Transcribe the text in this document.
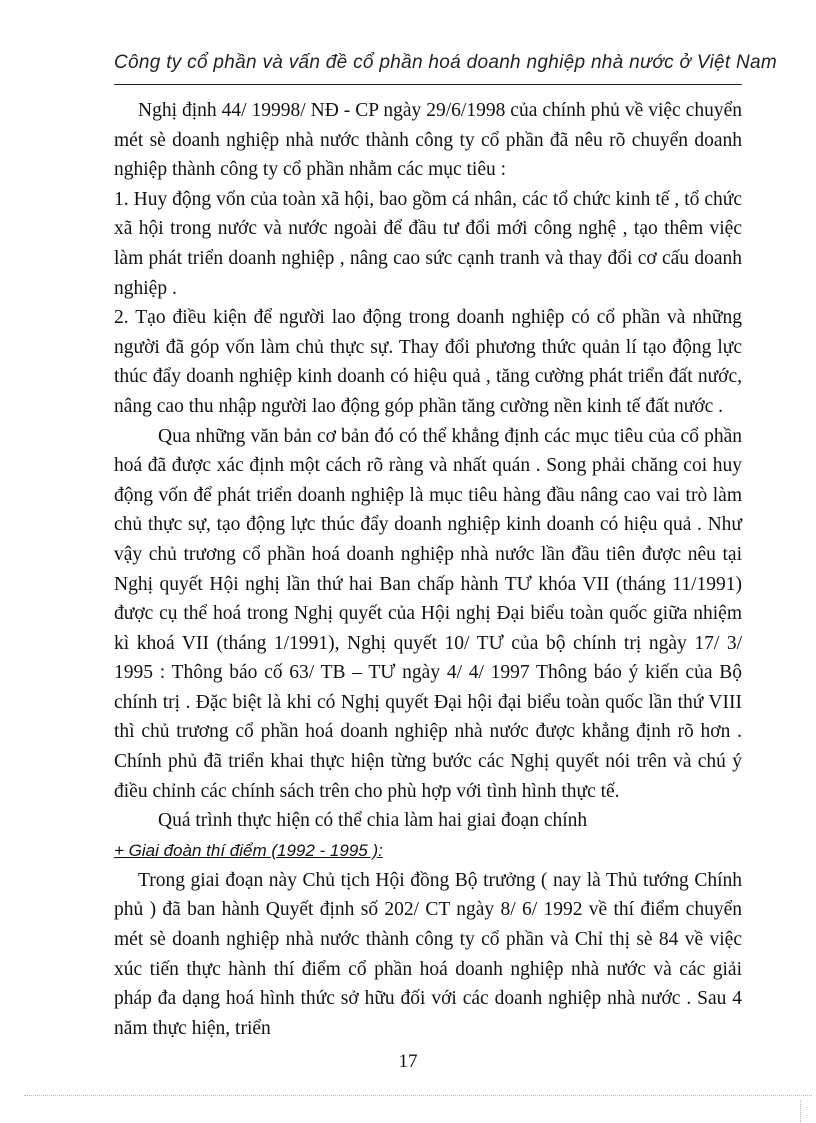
Công ty cổ phần và vấn đề cổ phần hoá doanh nghiệp nhà nước ở Việt Nam

Nghị định 44/ 19998/ NĐ - CP ngày 29/6/1998 của chính phủ về việc chuyển mét sè doanh nghiệp nhà nước thành công ty cổ phần đã nêu rõ chuyển doanh nghiệp thành công ty cổ phần nhằm các mục tiêu :

1. Huy động vốn của toàn xã hội, bao gồm cá nhân, các tổ chức kinh tế , tổ chức xã hội trong nước và nước ngoài để đầu tư đổi mới công nghệ , tạo thêm việc làm phát triển doanh nghiệp , nâng cao sức cạnh tranh và thay đổi cơ cấu doanh nghiệp .

2. Tạo điều kiện để người lao động trong doanh nghiệp có cổ phần và những người đã góp vốn làm chủ thực sự. Thay đổi phương thức quản lí tạo động lực thúc đẩy doanh nghiệp kinh doanh có hiệu quả , tăng cường phát triển đất nước, nâng cao thu nhập người lao động góp phần tăng cường nền kinh tế đất nước .

Qua những văn bản cơ bản đó có thể khẳng định các mục tiêu của cổ phần hoá đã được xác định một cách rõ ràng và nhất quán . Song phải chăng coi huy động vốn để phát triển doanh nghiệp là mục tiêu hàng đầu nâng cao vai trò làm chủ thực sự, tạo động lực thúc đẩy doanh nghiệp kinh doanh có hiệu quả . Như vậy chủ trương cổ phần hoá doanh nghiệp nhà nước lần đầu tiên được nêu tại Nghị quyết Hội nghị lần thứ hai Ban chấp hành TƯ khóa VII (tháng 11/1991) được cụ thể hoá trong Nghị quyết của Hội nghị Đại biểu toàn quốc giữa nhiệm kì khoá VII (tháng 1/1991), Nghị quyết 10/ TƯ của bộ chính trị ngày 17/ 3/ 1995 : Thông báo cố 63/ TB – TƯ ngày 4/ 4/ 1997 Thông báo ý kiến của Bộ chính trị . Đặc biệt là khi có Nghị quyết Đại hội đại biểu toàn quốc lần thứ VIII thì chủ trương cổ phần hoá doanh nghiệp nhà nước được khẳng định rõ hơn . Chính phủ đã triển khai thực hiện từng bước các Nghị quyết nói trên và chú ý điều chỉnh các chính sách trên cho phù hợp với tình hình thực tế.

Quá trình thực hiện có thể chia làm hai giai đoạn chính

+ Giai đoàn thí điểm (1992 - 1995 ):

Trong giai đoạn này Chủ tịch Hội đồng Bộ trưởng ( nay là Thủ tướng Chính phủ ) đã ban hành Quyết định số 202/ CT ngày 8/ 6/ 1992 về thí điểm chuyển mét sè doanh nghiệp nhà nước thành công ty cổ phần và Chỉ thị sè 84 về việc xúc tiến thực hành thí điểm cổ phần hoá doanh nghiệp nhà nước và các giải pháp đa dạng hoá hình thức sở hữu đối với các doanh nghiệp nhà nước . Sau 4 năm thực hiện, triển

17
